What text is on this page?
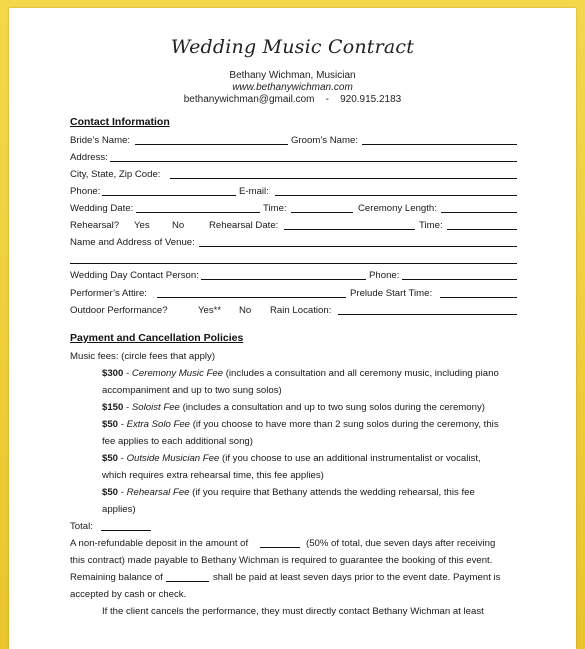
Wedding Music Contract
Bethany Wichman, Musician
www.bethanywichman.com
bethanywichman@gmail.com    -    920.915.2183
Contact Information
Bride’s Name:	Groom’s Name:
Address:
City, State, Zip Code:
Phone:	E-mail:
Wedding Date:	Time:	Ceremony Length:
Rehearsal? Yes No	Rehearsal Date:	Time:
Name and Address of Venue:
Wedding Day Contact Person:	Phone:
Performer’s Attire:	Prelude Start Time:
Outdoor Performance?	Yes** No Rain Location:
Payment and Cancellation Policies
Music fees: (circle fees that apply)
$300 - Ceremony Music Fee (includes a consultation and all ceremony music, including piano
accompaniment and up to two sung solos)
$150 - Soloist Fee (includes a consultation and up to two sung solos during the ceremony)
$50 - Extra Solo Fee (if you choose to have more than 2 sung solos during the ceremony, this
fee applies to each additional song)
$50 - Outside Musician Fee (if you choose to use an additional instrumentalist or vocalist,
which requires extra rehearsal time, this fee applies)
$50 - Rehearsal Fee (if you require that Bethany attends the wedding rehearsal, this fee
applies)
Total:
A non-refundable deposit in the amount of	(50% of total, due seven days after receiving
this contract) made payable to Bethany Wichman is required to guarantee the booking of this event.
Remaining balance of	shall be paid at least seven days prior to the event date. Payment is
accepted by cash or check.
If the client cancels the performance, they must directly contact Bethany Wichman at least
